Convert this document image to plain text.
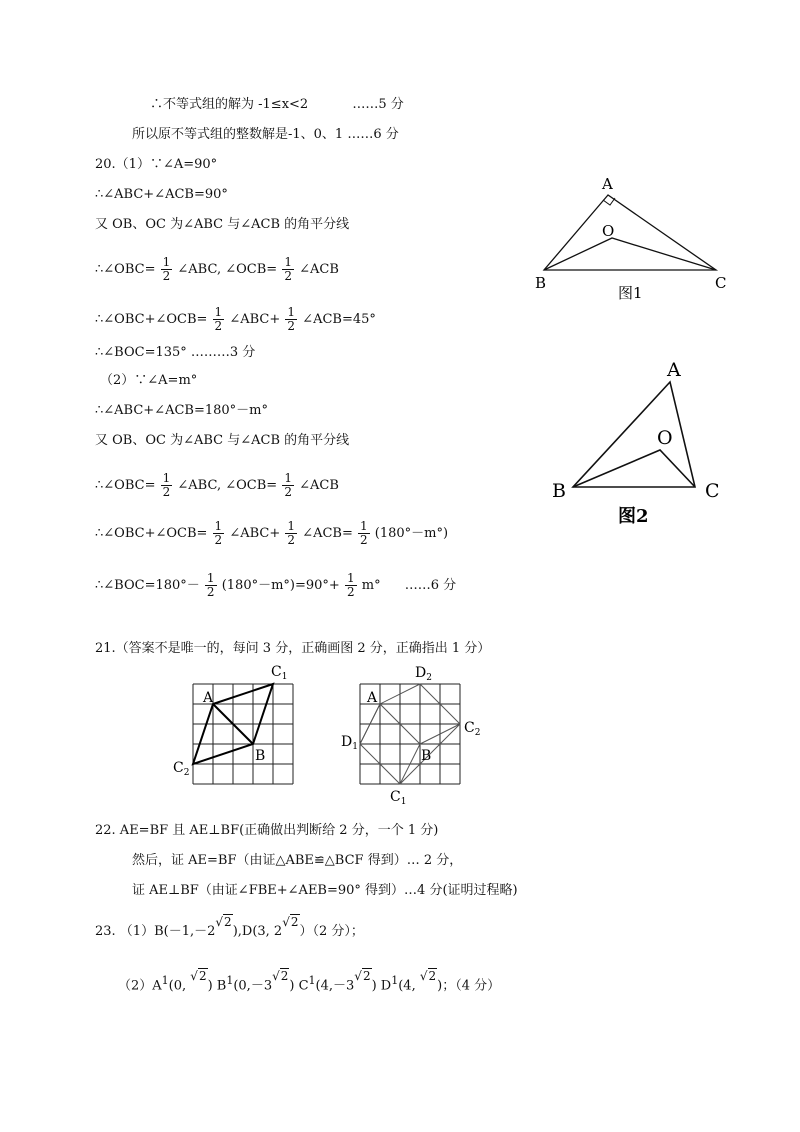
∴不等式组的解为 -1≤x<2	……5 分
所以原不等式组的整数解是-1、0、1 ……6 分
20.（1）∵∠A=90°
∴∠ABC+∠ACB=90°
又 OB、OC 为∠ABC 与∠ACB 的角平分线
∴∠OBC= $\frac{1}{2}$ ∠ABC, ∠OCB= $\frac{1}{2}$ ∠ACB
∴∠OBC+∠OCB= $\frac{1}{2}$ ∠ABC+ $\frac{1}{2}$ ∠ACB=45°
∴∠BOC=135° ………3 分
（2）∵∠A=m°
∴∠ABC+∠ACB=180°－m°
又 OB、OC 为∠ABC 与∠ACB 的角平分线
∴∠OBC= $\frac{1}{2}$ ∠ABC, ∠OCB= $\frac{1}{2}$ ∠ACB
∴∠OBC+∠OCB= $\frac{1}{2}$ ∠ABC+ $\frac{1}{2}$ ∠ACB= $\frac{1}{2} (180^\circ-m^\circ)$
∴∠BOC=180°－ $\frac{1}{2} (180^\circ-m^\circ)=90^\circ+ \frac{1}{2} m^\circ$ ……6 分
A
O
B	C
图1
A
O
B	C
图2
21.（答案不是唯一的，每问 3 分，正确画图 2 分，正确指出 1 分）
A
B
$C_1$
$C_2$
A
B
$D_2$
$C_2$
$D_1$
$C_1$
22. AE=BF 且 AE⊥BF(正确做出判断给 2 分，一个 1 分)
然后，证 AE=BF（由证△ABE≌△BCF 得到）… 2 分，
证 AE⊥BF（由证∠FBE+∠AEB=90° 得到）…4 分(证明过程略)
23. （1）B(－1,－2√2),D(3, 2√2）（2 分）；
$(2)A^1(0$, √2) $B^1(0,-3√2)$ $C^1(4,-3√2)$ $D^1(4$, √2)；（4 分）
